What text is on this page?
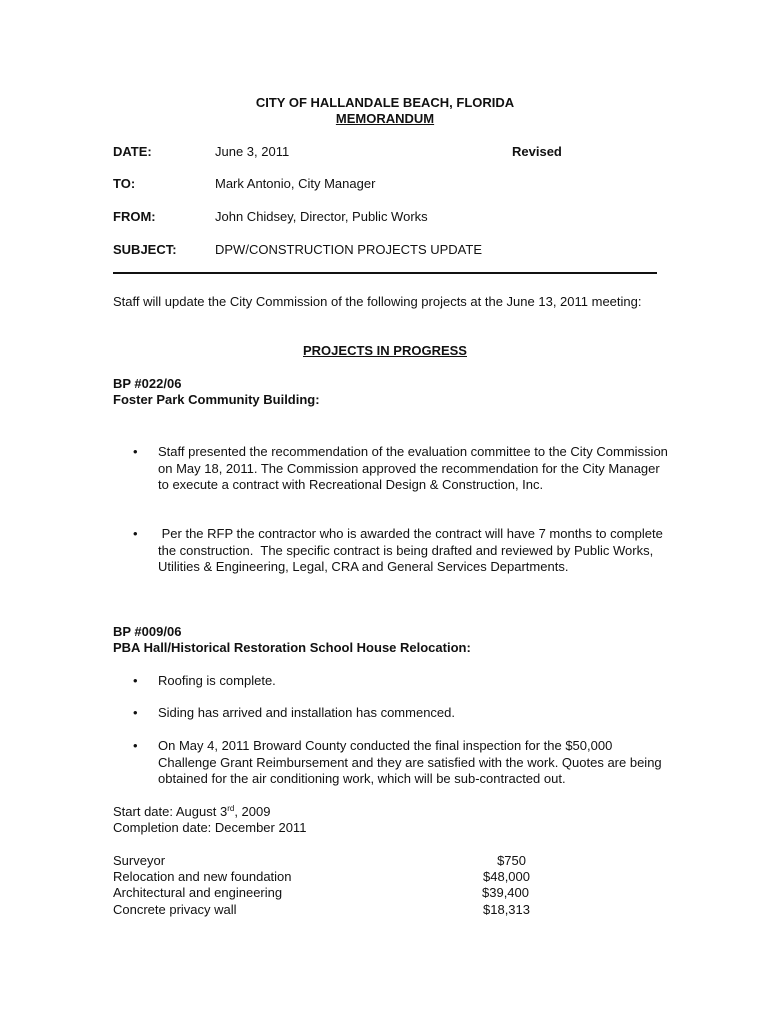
CITY OF HALLANDALE BEACH, FLORIDA
MEMORANDUM
DATE:	June 3, 2011	Revised
TO:	Mark Antonio, City Manager
FROM:	John Chidsey, Director, Public Works
SUBJECT:	DPW/CONSTRUCTION PROJECTS UPDATE
Staff will update the City Commission of the following projects at the June 13, 2011 meeting:
PROJECTS IN PROGRESS
BP #022/06
Foster Park Community Building:
• Staff presented the recommendation of the evaluation committee to the City Commission on May 18, 2011. The Commission approved the recommendation for the City Manager to execute a contract with Recreational Design & Construction, Inc.
• Per the RFP the contractor who is awarded the contract will have 7 months to complete the construction.  The specific contract is being drafted and reviewed by Public Works, Utilities & Engineering, Legal, CRA and General Services Departments.
BP #009/06
PBA Hall/Historical Restoration School House Relocation:
• Roofing is complete.
• Siding has arrived and installation has commenced.
• On May 4, 2011 Broward County conducted the final inspection for the $50,000 Challenge Grant Reimbursement and they are satisfied with the work. Quotes are being obtained for the air conditioning work, which will be sub-contracted out.
Start date: August 3rd, 2009
Completion date: December 2011
Surveyor	$750
Relocation and new foundation	$48,000
Architectural and engineering	$39,400
Concrete privacy wall	$18,313
